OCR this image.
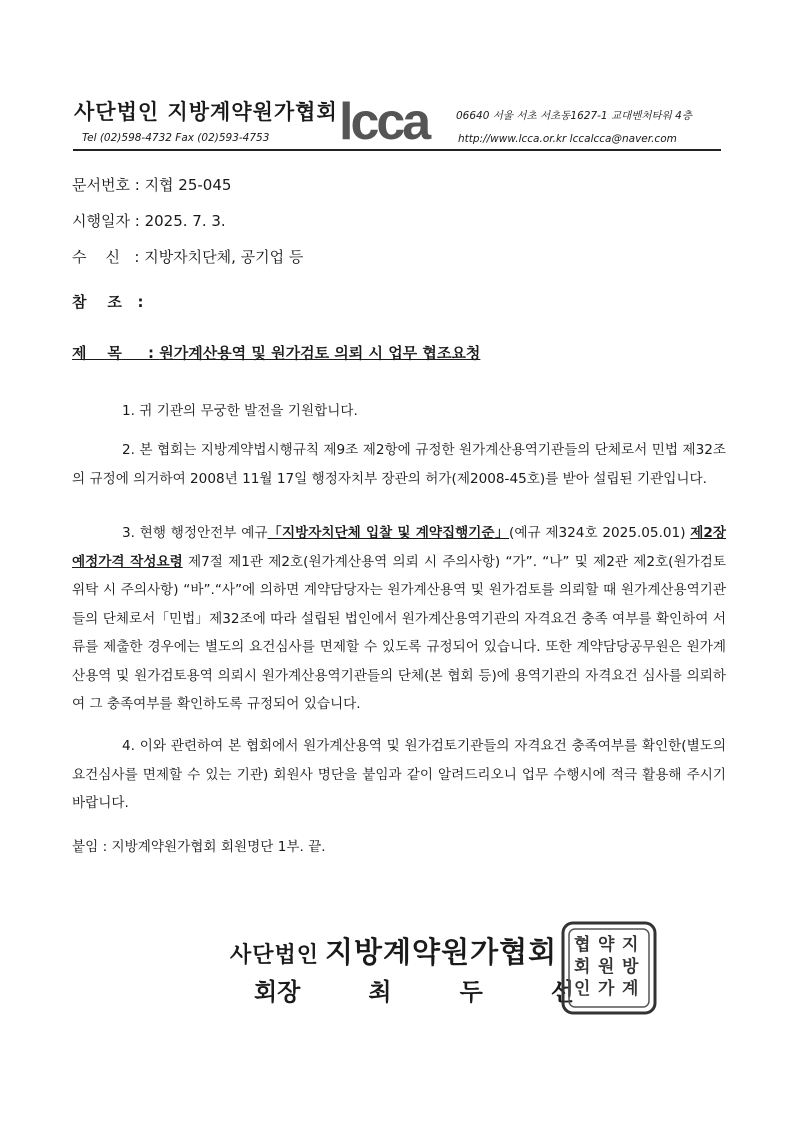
사단법인 지방계약원가협회
Tel (02)598-4732 Fax (02)593-4753 lcca	06640 서울 서초 서초동1627-1 교대벤처타워 4층
http://www.lcca.or.kr lccalcca@naver.com
문서번호 : 지협 25-045
시행일자 : 2025. 7. 3.
수    신   : 지방자치단체, 공기업 등
참    조   :
제    목     : 원가계산용역 및 원가검토 의뢰 시 업무 협조요청
1. 귀 기관의 무궁한 발전을 기원합니다.
2. 본 협회는 지방계약법시행규칙 제9조 제2항에 규정한 원가계산용역기관들의 단체로서 민법 제32조의 규정에 의거하여 2008년 11월 17일 행정자치부 장관의 허가(제2008-45호)를 받아 설립된 기관입니다.
3. 현행 행정안전부 예규「지방자치단체 입찰 및 계약집행기준」(예규 제324호 2025.05.01) 제2장 예정가격 작성요령 제7절 제1관 제2호(원가계산용역 의뢰 시 주의사항) “가”. “나” 및 제2관 제2호(원가검토 위탁 시 주의사항) “바”.“사”에 의하면 계약담당자는 원가계산용역 및 원가검토를 의뢰할 때 원가계산용역기관들의 단체로서「민법」제32조에 따라 설립된 법인에서 원가계산용역기관의 자격요건 충족 여부를 확인하여 서류를 제출한 경우에는 별도의 요건심사를 면제할 수 있도록 규정되어 있습니다. 또한 계약담당공무원은 원가계산용역 및 원가검토용역 의뢰시 원가계산용역기관들의 단체(본 협회 등)에 용역기관의 자격요건 심사를 의뢰하여 그 충족여부를 확인하도록 규정되어 있습니다.
4. 이와 관련하여 본 협회에서 원가계산용역 및 원가검토기관들의 자격요건 충족여부를 확인한(별도의 요건심사를 면제할 수 있는 기관) 회원사 명단을 붙임과 같이 알려드리오니 업무 수행시에 적극 활용해 주시기 바랍니다.
붙임 : 지방계약원가협회 회원명단 1부. 끝.
사단법인 지방계약원가협회
회장	최	두	선
지
방
계
약
원
가
협
회
인
